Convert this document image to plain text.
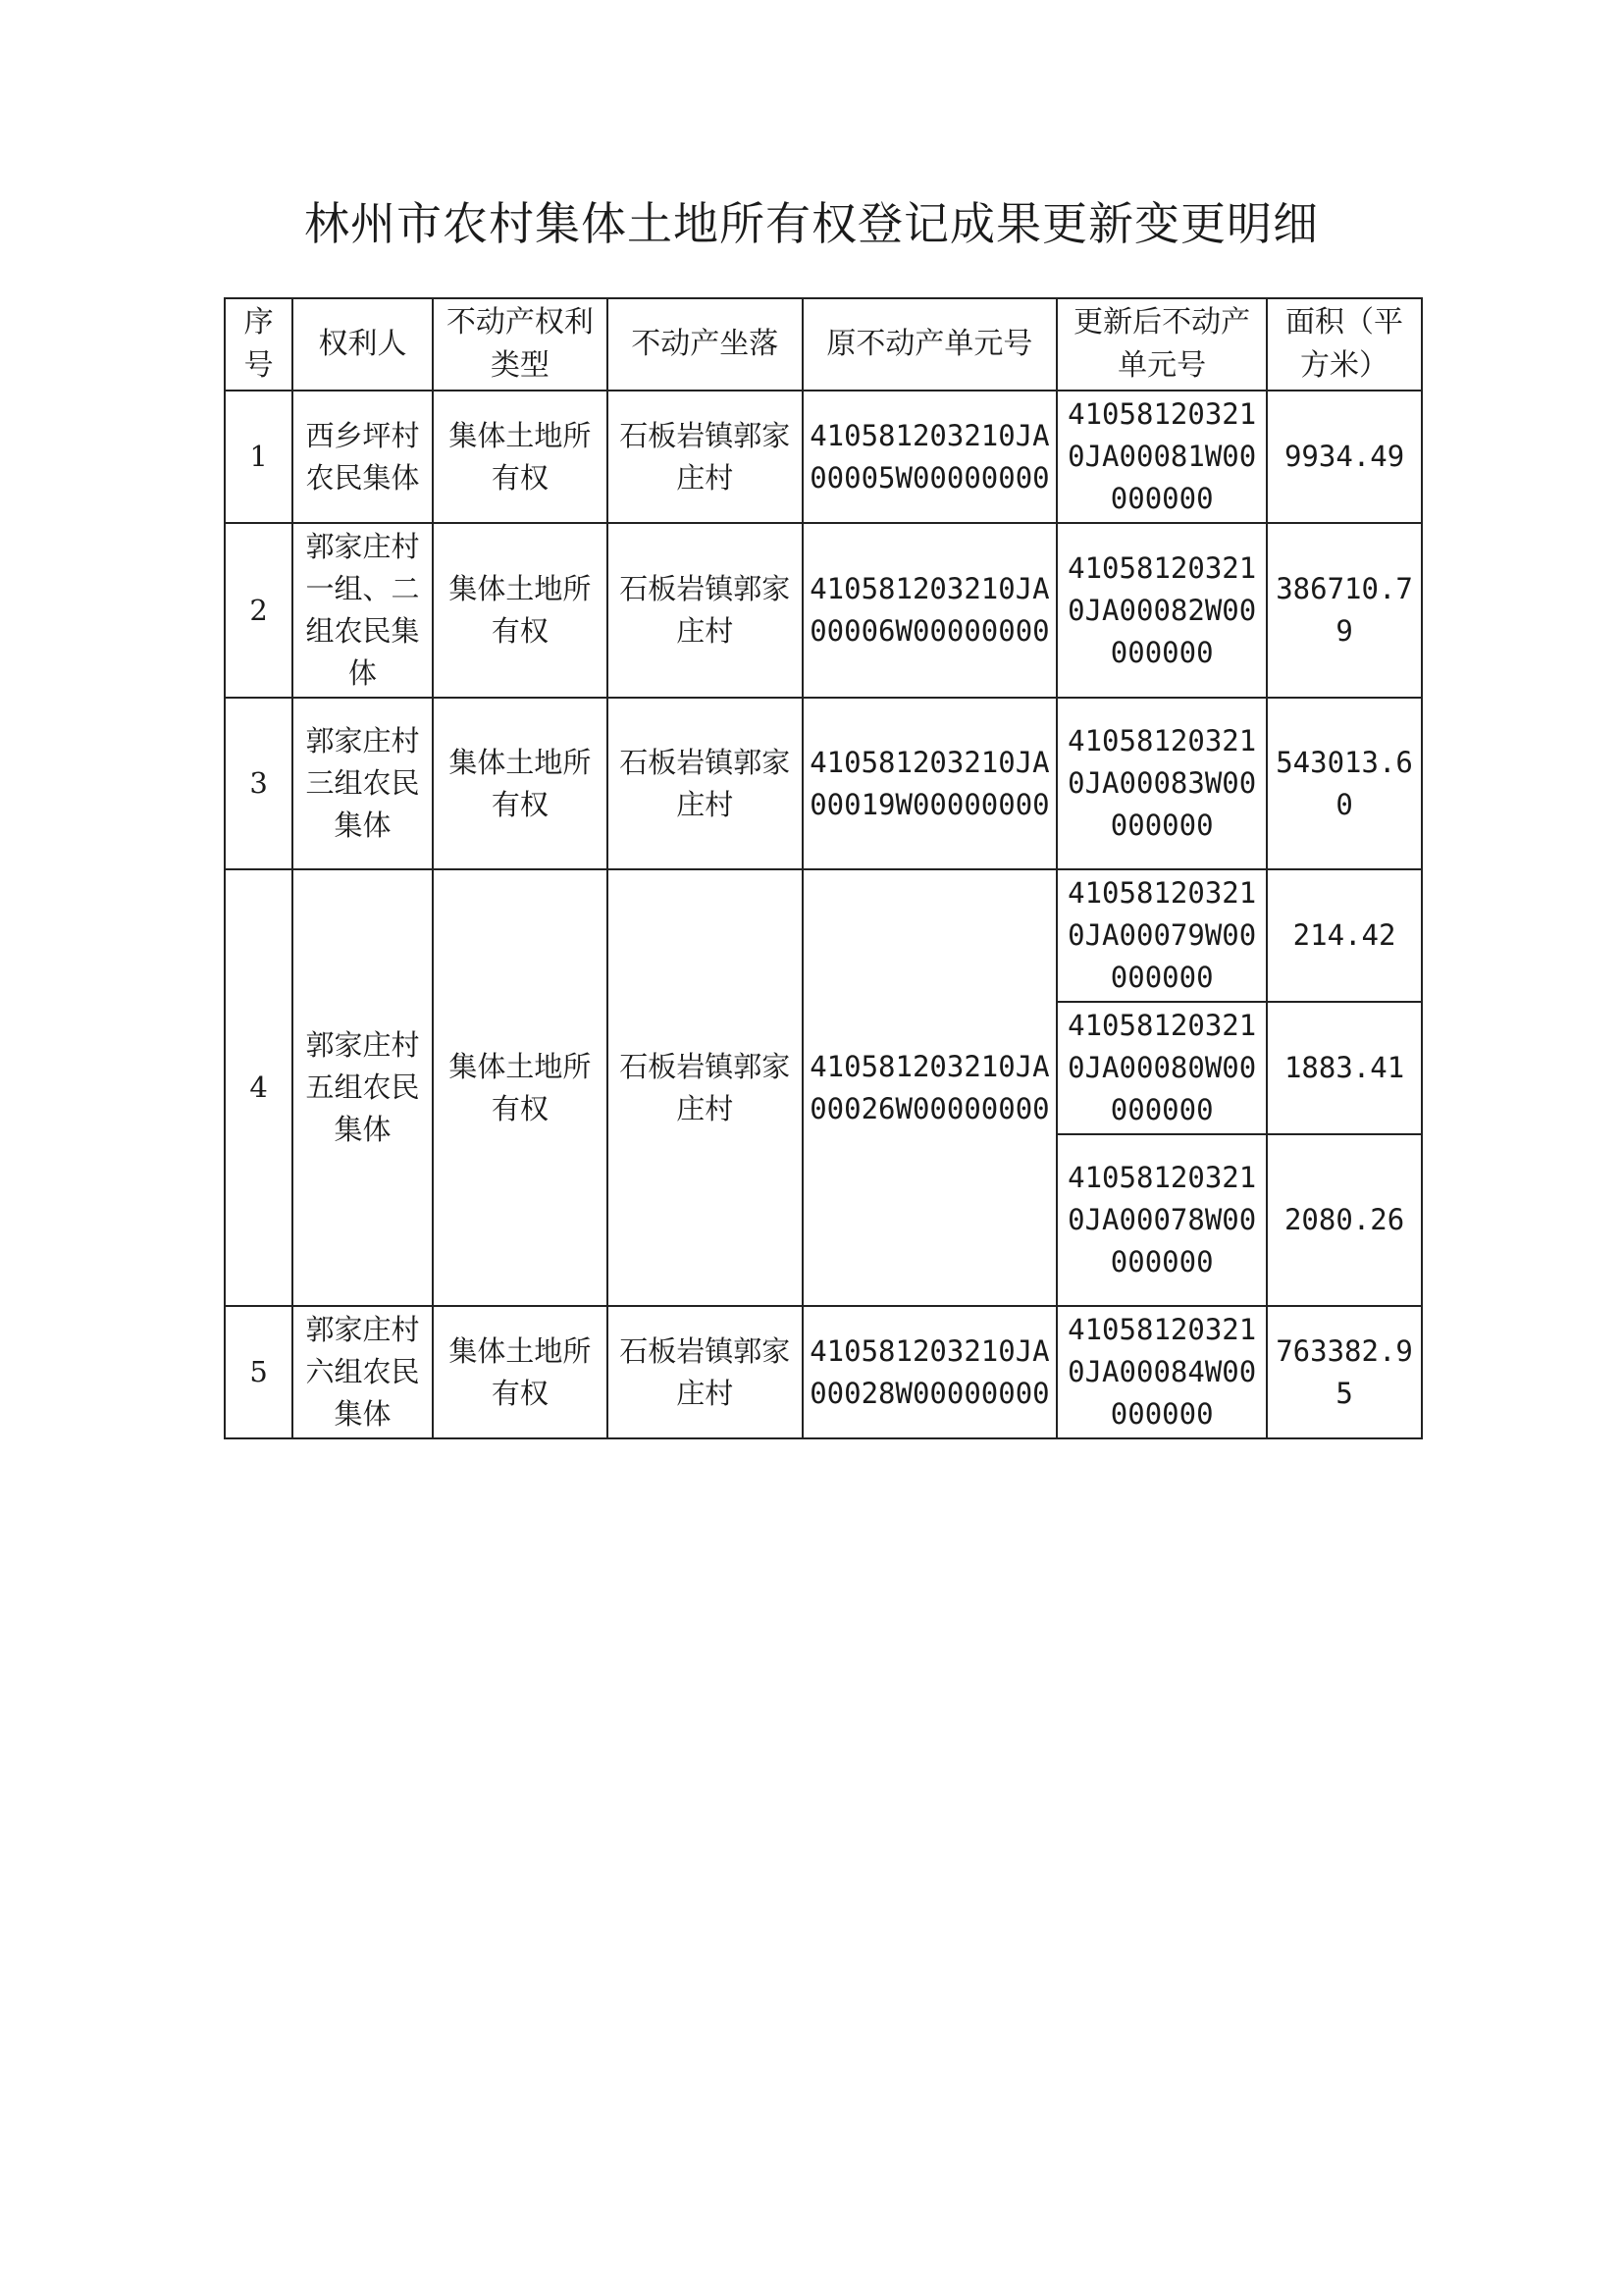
林州市农村集体土地所有权登记成果更新变更明细
序号	权利人	不动产权利类型	不动产坐落	原不动产单元号	更新后不动产单元号	面积（平方米）
1	西乡坪村农民集体	集体土地所有权	石板岩镇郭家庄村	410581203210JA00005W00000000	410581203210JA00081W00000000	9934.49
2	郭家庄村一组、二组农民集体	集体土地所有权	石板岩镇郭家庄村	410581203210JA00006W00000000	410581203210JA00082W00000000	386710.79
3	郭家庄村三组农民集体	集体土地所有权	石板岩镇郭家庄村	410581203210JA00019W00000000	410581203210JA00083W00000000	543013.60
4	郭家庄村五组农民集体	集体土地所有权	石板岩镇郭家庄村	410581203210JA00026W00000000	410581203210JA00079W00000000	214.42
					410581203210JA00080W00000000	1883.41
					410581203210JA00078W00000000	2080.26
5	郭家庄村六组农民集体	集体土地所有权	石板岩镇郭家庄村	410581203210JA00028W00000000	410581203210JA00084W00000000	763382.95
